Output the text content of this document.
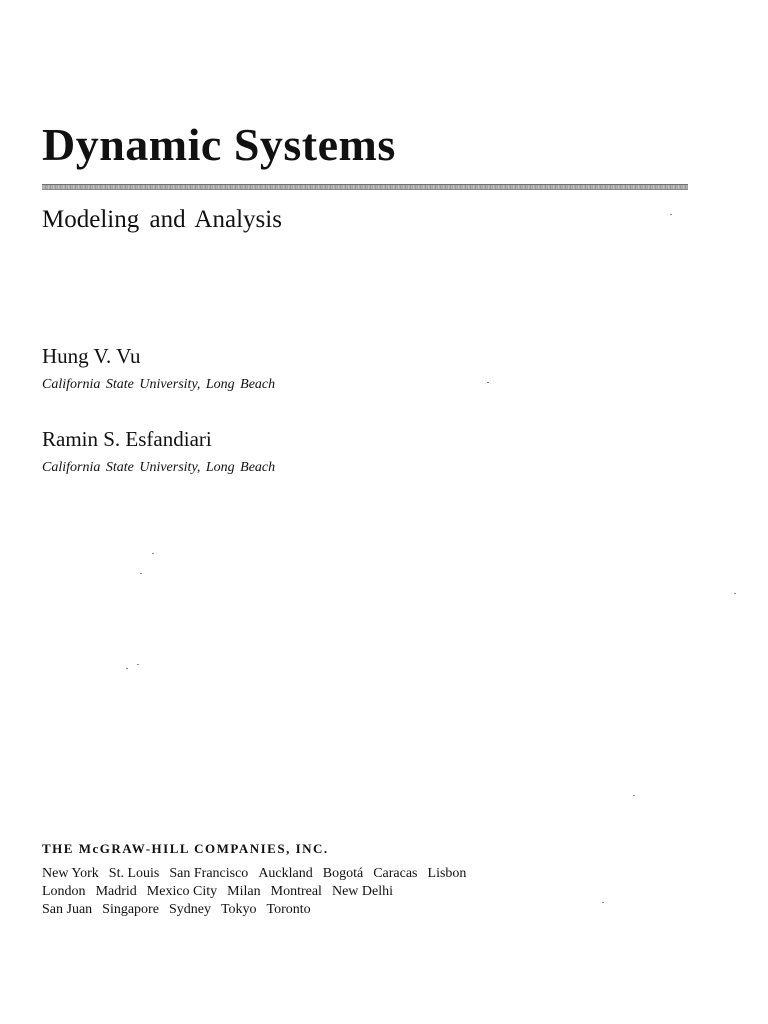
Dynamic Systems
Modeling and Analysis

Hung V. Vu

California State University, Long Beach

Ramin S. Esfandiari

California State University, Long Beach

THE McGRAW-HILL COMPANIES, INC.

New York St. Louis San Francisco Auckland Bogotá Caracas Lisbon
London Madrid Mexico City Milan Montreal New Delhi
San Juan Singapore Sydney Tokyo Toronto
